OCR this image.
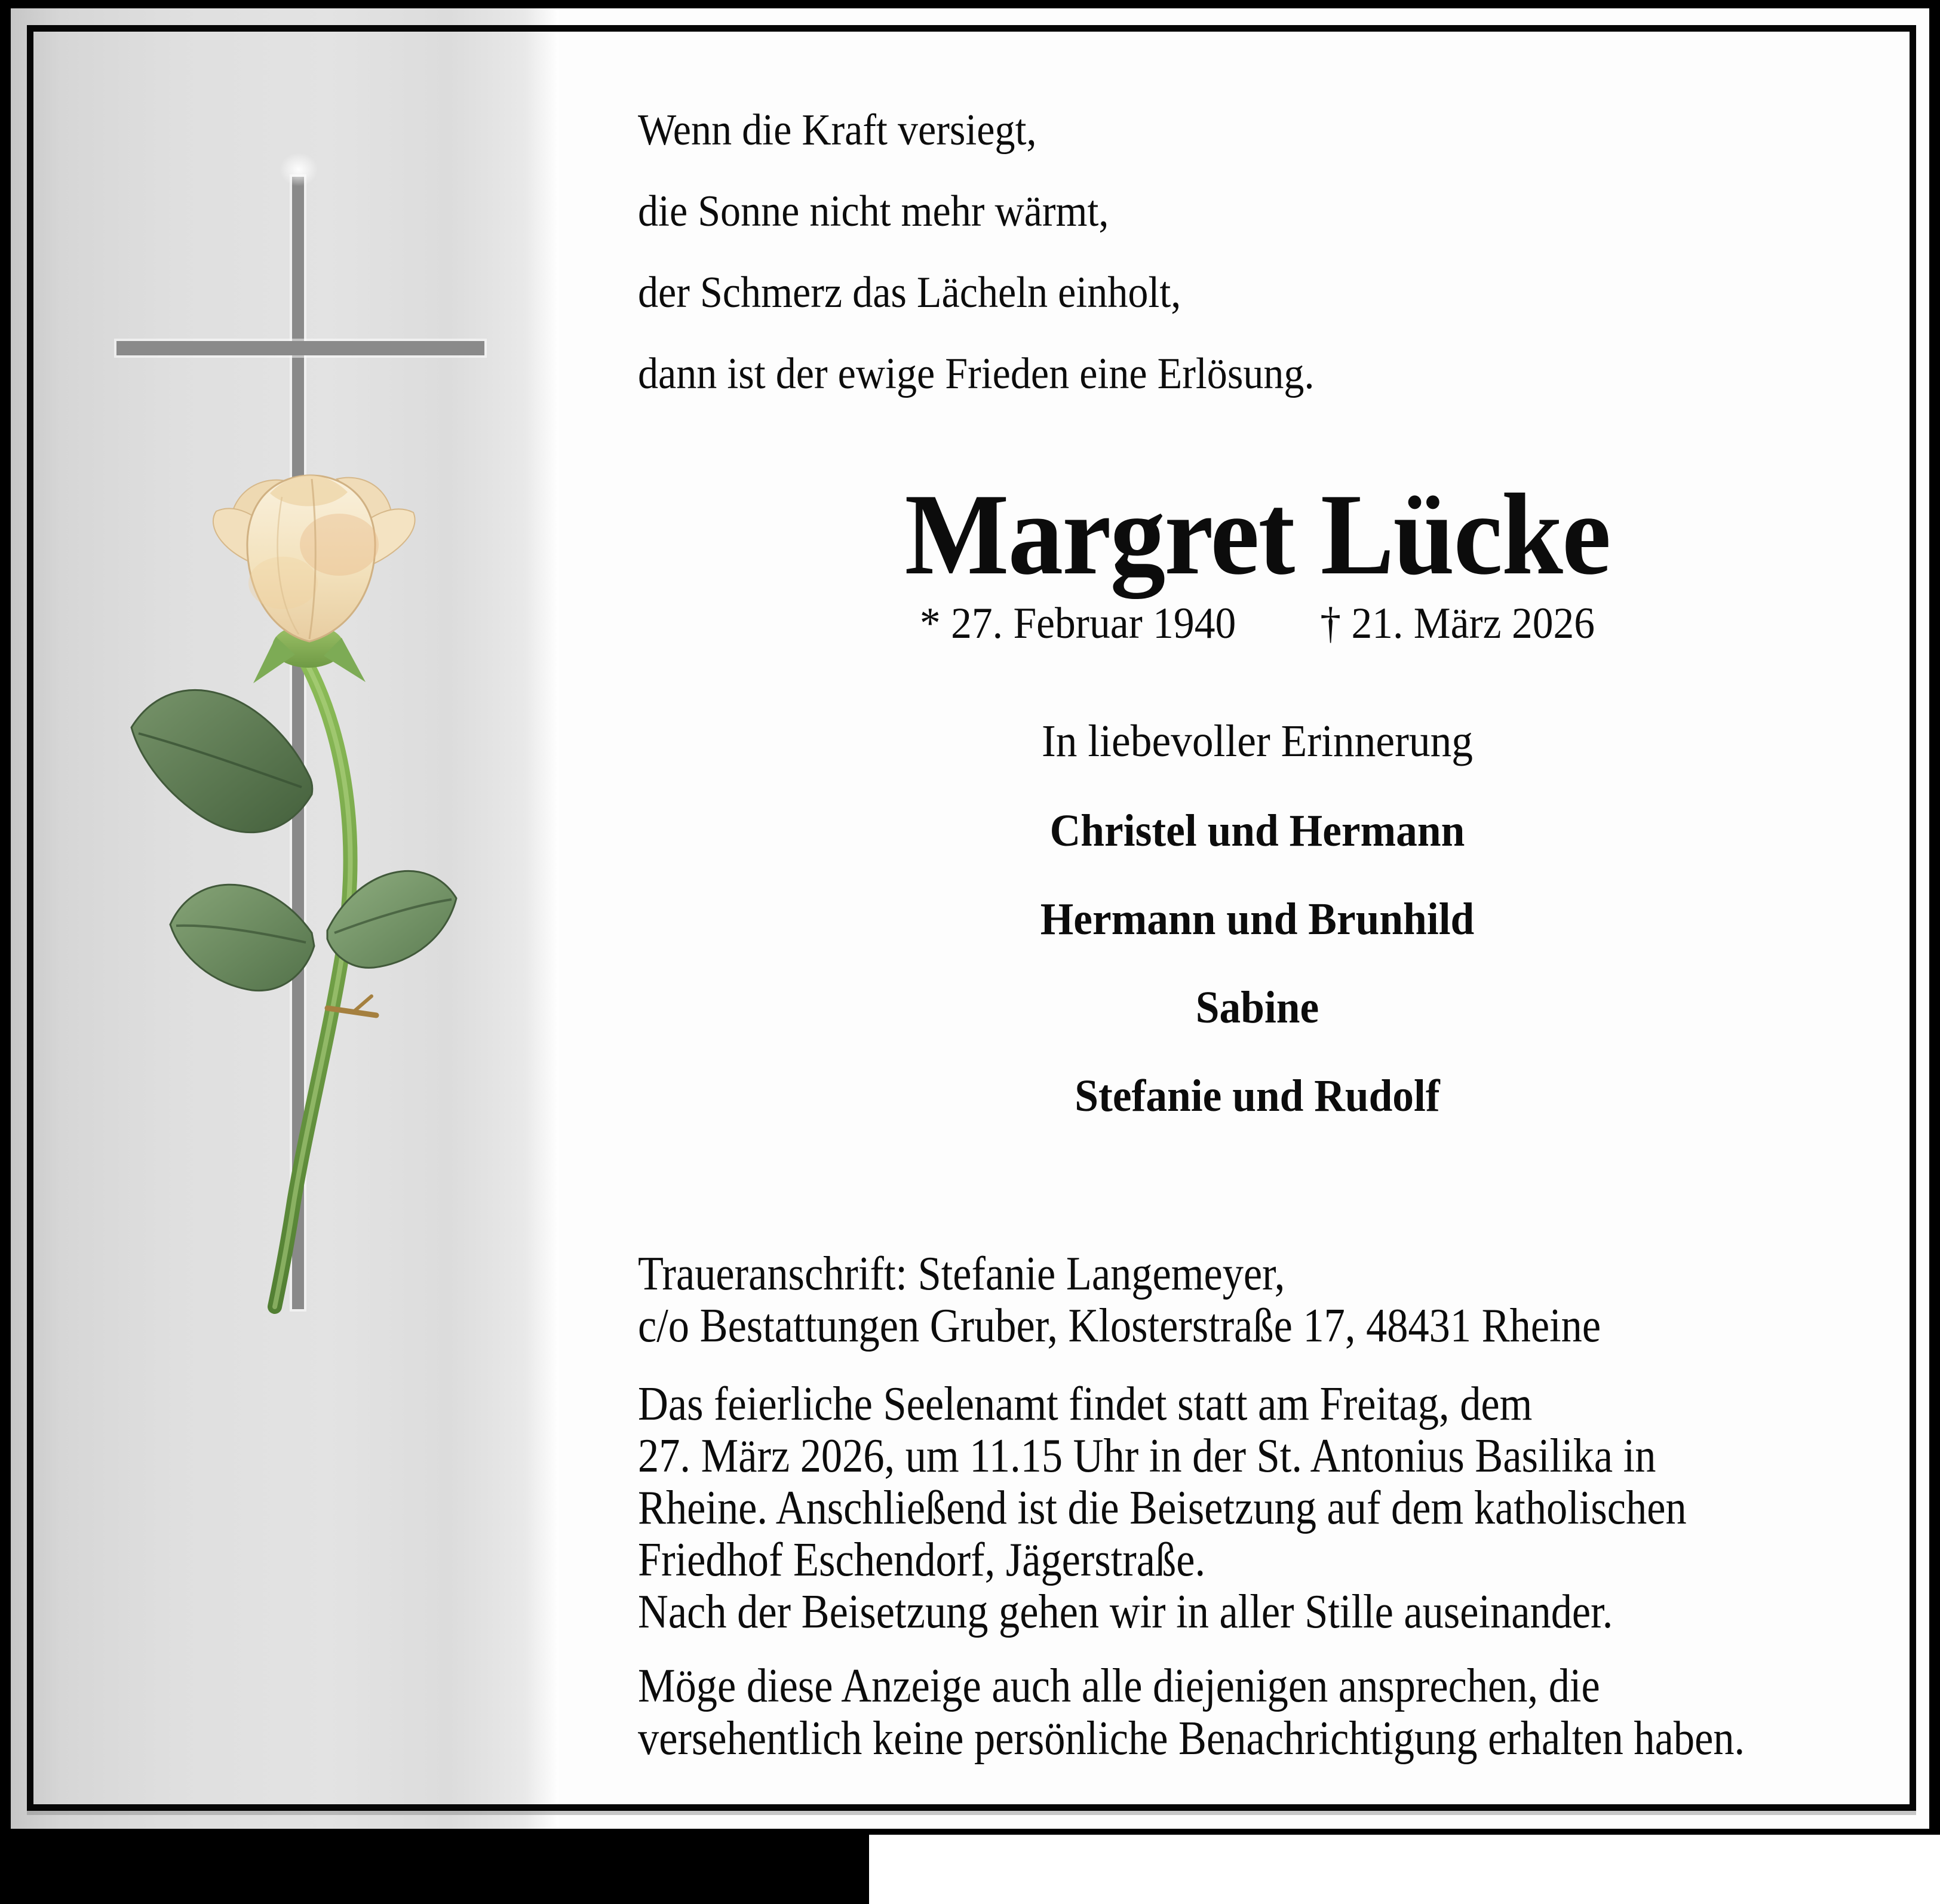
Wenn die Kraft versiegt,
die Sonne nicht mehr wärmt,
der Schmerz das Lächeln einholt,
dann ist der ewige Frieden eine Erlösung.
Margret Lücke
* 27. Februar 1940 † 21. März 2026
In liebevoller Erinnerung
Christel und Hermann
Hermann und Brunhild
Sabine
Stefanie und Rudolf
Traueranschrift: Stefanie Langemeyer,
c/o Bestattungen Gruber, Klosterstraße 17, 48431 Rheine
Das feierliche Seelenamt findet statt am Freitag, dem
27. März 2026, um 11.15 Uhr in der St. Antonius Basilika in
Rheine. Anschließend ist die Beisetzung auf dem katholischen
Friedhof Eschendorf, Jägerstraße.
Nach der Beisetzung gehen wir in aller Stille auseinander.
Möge diese Anzeige auch alle diejenigen ansprechen, die
versehentlich keine persönliche Benachrichtigung erhalten haben.
